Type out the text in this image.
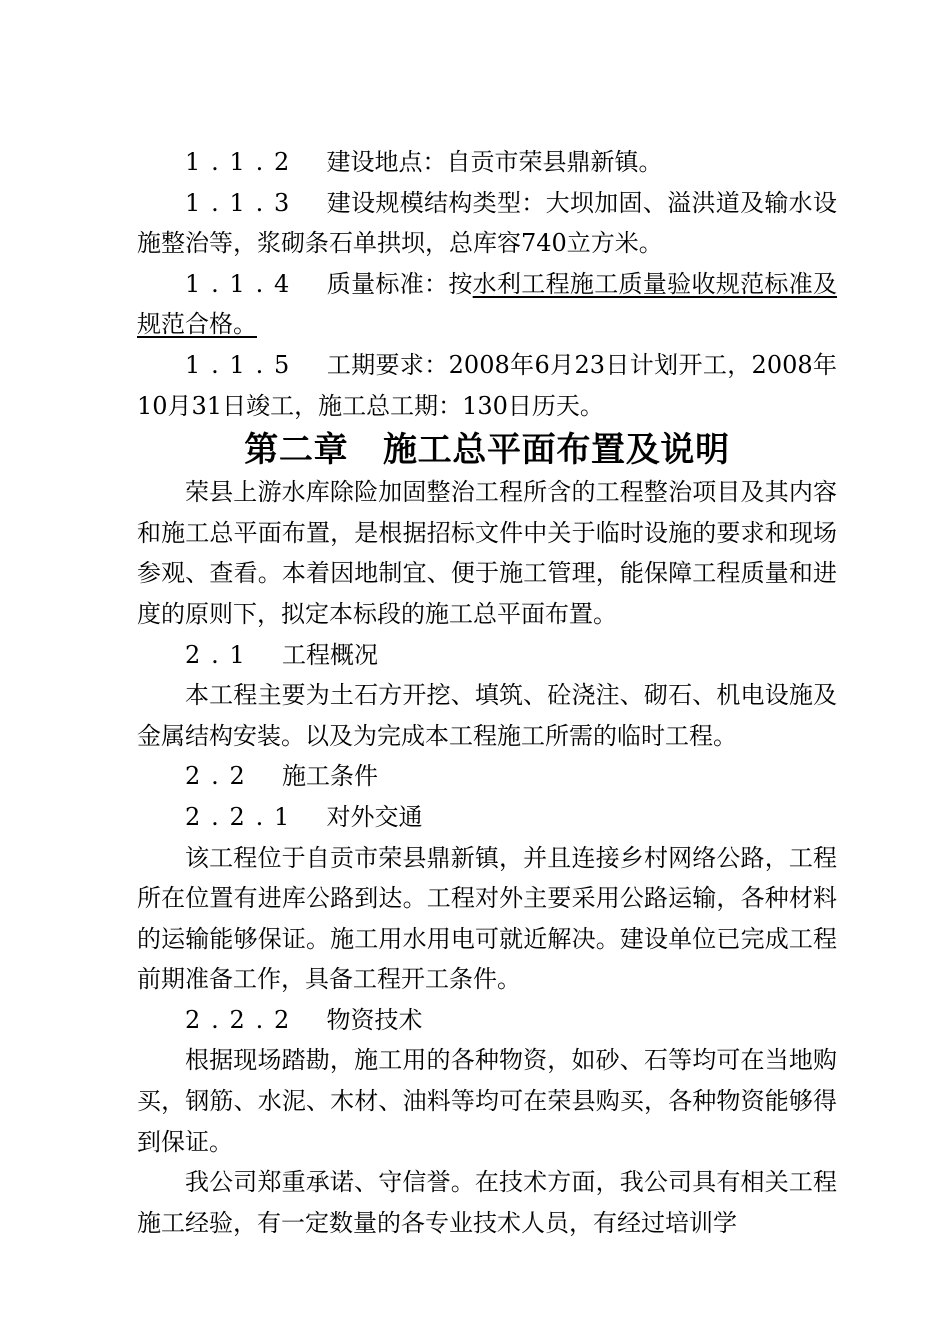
1.1.2 建设地点：自贡市荣县鼎新镇。

1.1.3 建设规模结构类型：大坝加固、溢洪道及输水设施整治等，浆砌条石单拱坝，总库容740立方米。

1.1.4 质量标准：按水利工程施工质量验收规范标准及规范合格。

1.1.5 工期要求：2008年6月23日计划开工，2008年10月31日竣工，施工总工期：130日历天。

第二章　施工总平面布置及说明

荣县上游水库除险加固整治工程所含的工程整治项目及其内容和施工总平面布置，是根据招标文件中关于临时设施的要求和现场参观、查看。本着因地制宜、便于施工管理，能保障工程质量和进度的原则下，拟定本标段的施工总平面布置。

2.1 工程概况

本工程主要为土石方开挖、填筑、砼浇注、砌石、机电设施及金属结构安装。以及为完成本工程施工所需的临时工程。

2.2 施工条件

2.2.1 对外交通

该工程位于自贡市荣县鼎新镇，并且连接乡村网络公路，工程所在位置有进库公路到达。工程对外主要采用公路运输，各种材料的运输能够保证。施工用水用电可就近解决。建设单位已完成工程前期准备工作，具备工程开工条件。

2.2.2 物资技术

根据现场踏勘，施工用的各种物资，如砂、石等均可在当地购买，钢筋、水泥、木材、油料等均可在荣县购买，各种物资能够得到保证。

我公司郑重承诺、守信誉。在技术方面，我公司具有相关工程施工经验，有一定数量的各专业技术人员，有经过培训学
